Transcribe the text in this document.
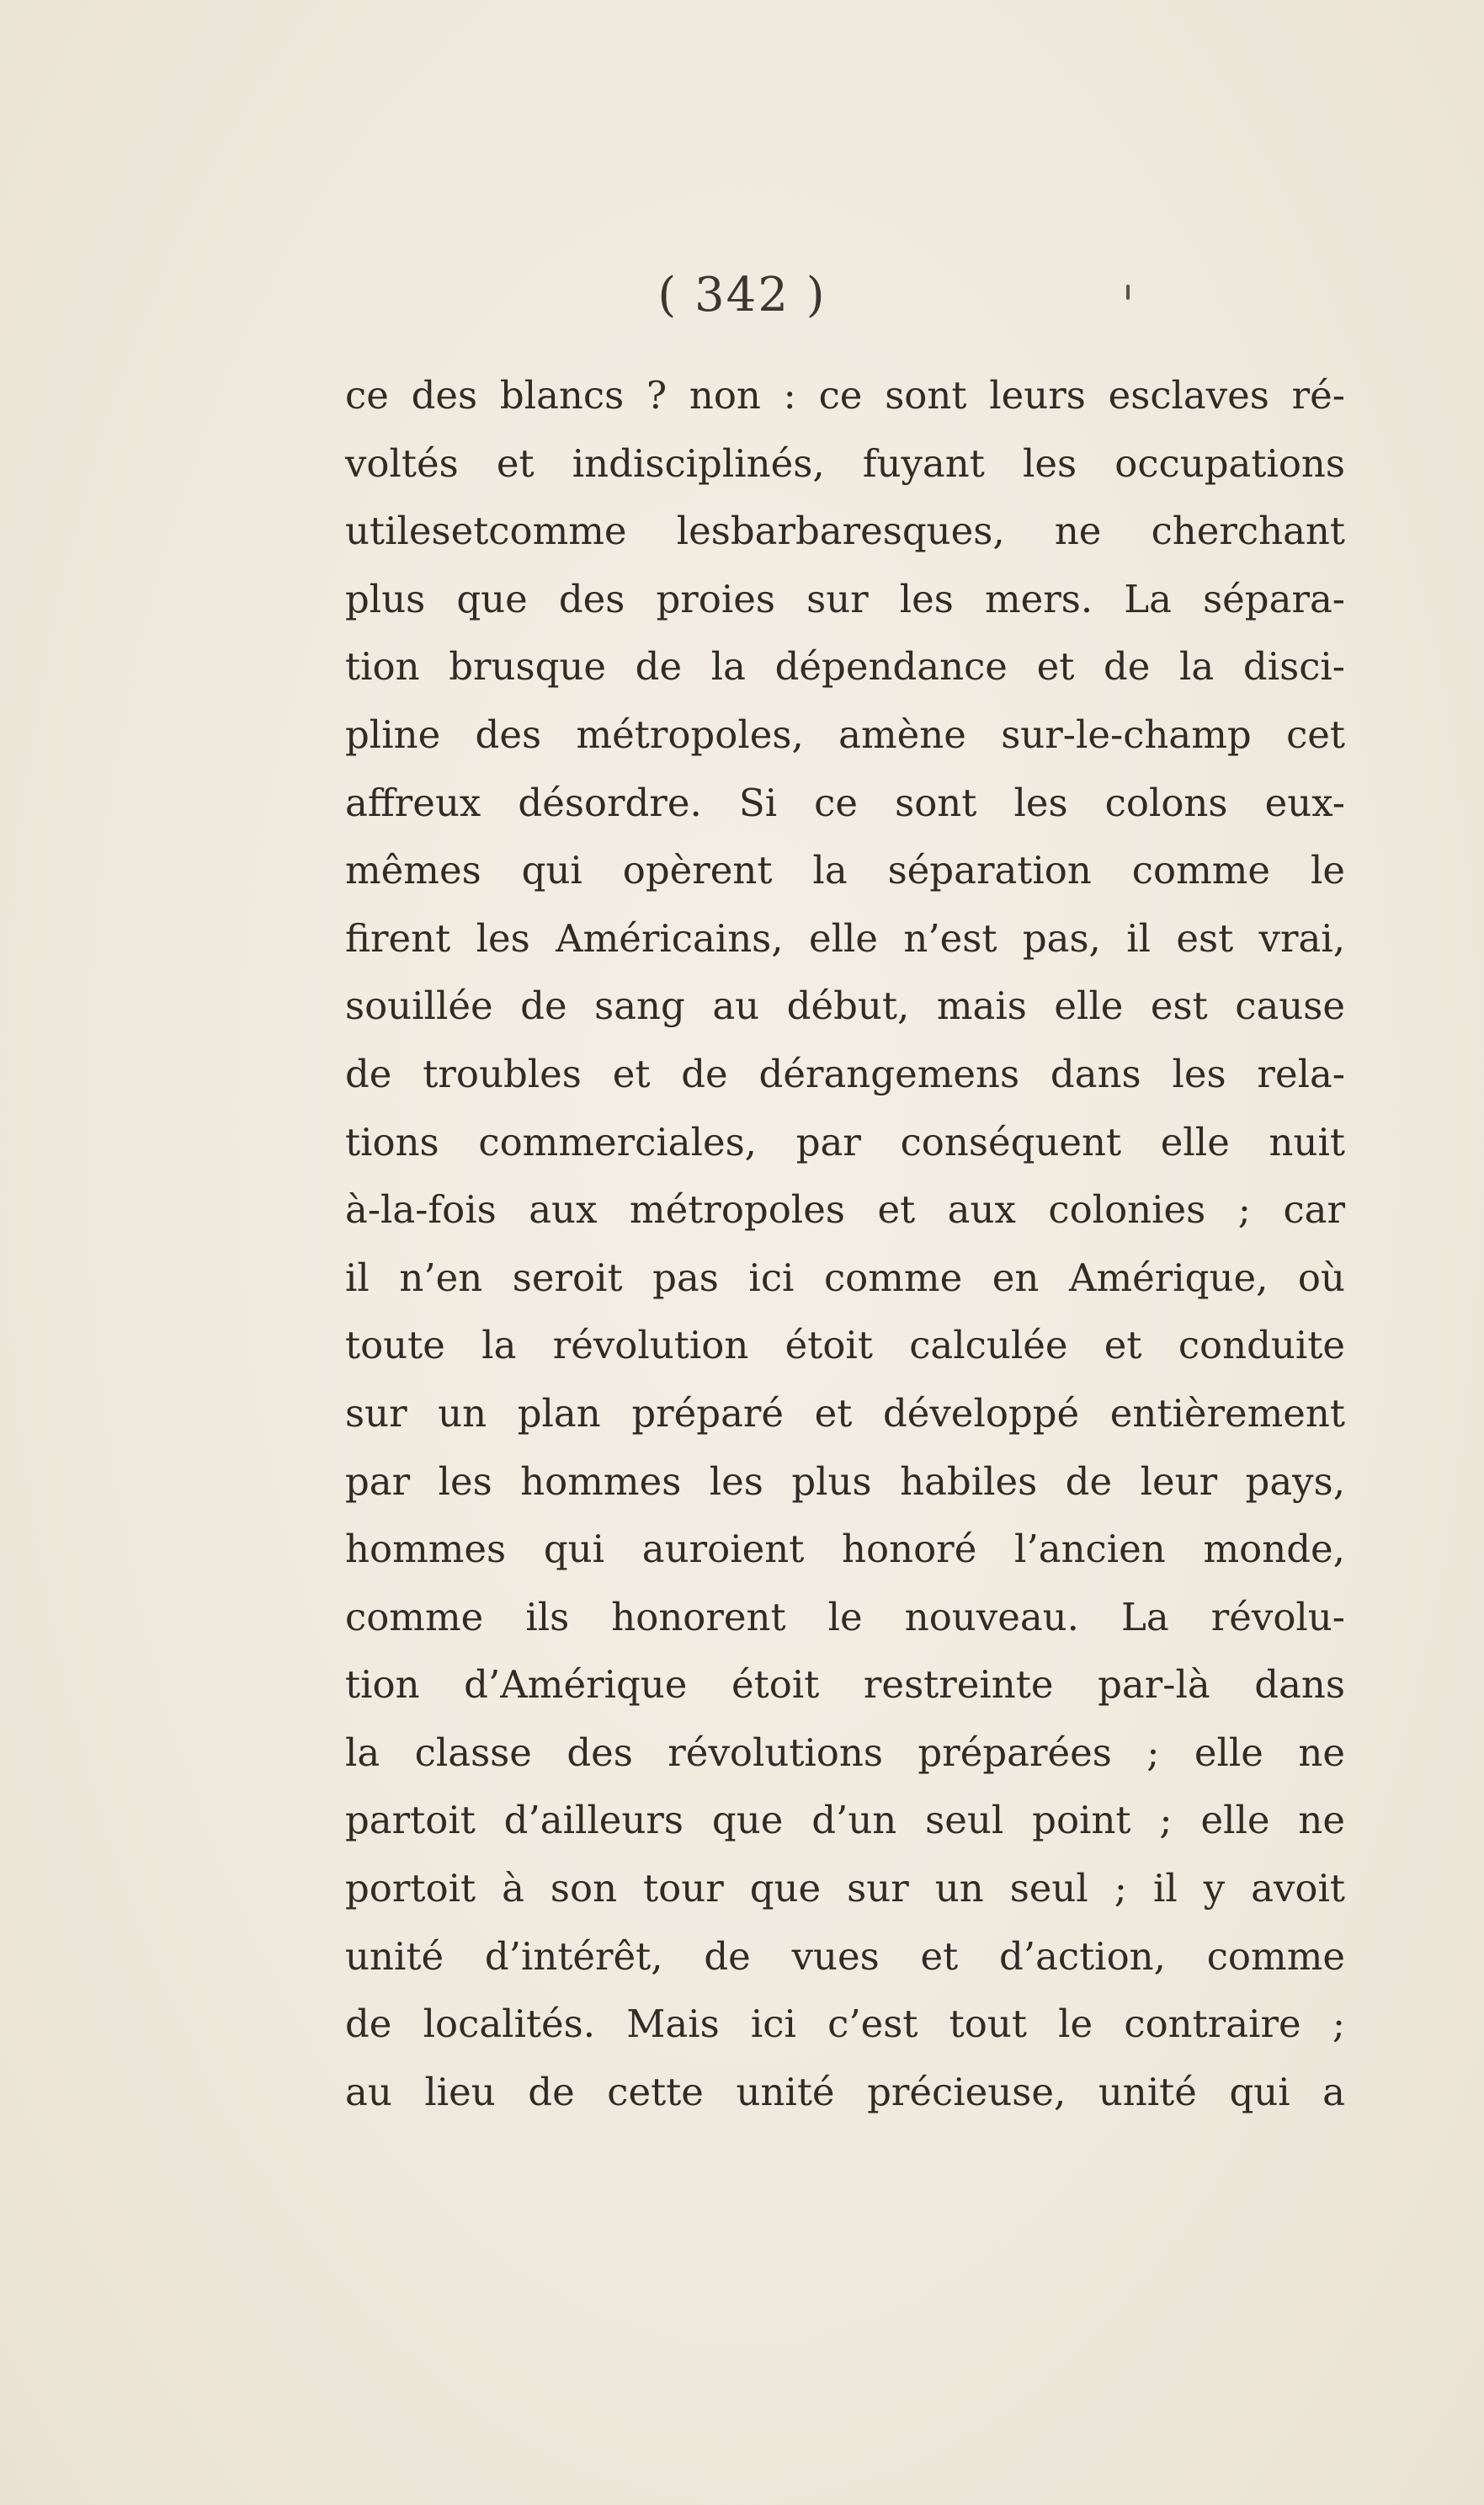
( 342 )
ce des blancs ? non : ce sont leurs esclaves ré-
voltés et indisciplinés, fuyant les occupations
utilesetcomme lesbarbaresques, ne cherchant
plus que des proies sur les mers. La sépara-
tion brusque de la dépendance et de la disci-
pline des métropoles, amène sur-le-champ cet
affreux désordre. Si ce sont les colons eux-
mêmes qui opèrent la séparation comme le
firent les Américains, elle n’est pas, il est vrai,
souillée de sang au début, mais elle est cause
de troubles et de dérangemens dans les rela-
tions commerciales, par conséquent elle nuit
à-la-fois aux métropoles et aux colonies ; car
il n’en seroit pas ici comme en Amérique, où
toute la révolution étoit calculée et conduite
sur un plan préparé et développé entièrement
par les hommes les plus habiles de leur pays,
hommes qui auroient honoré l’ancien monde,
comme ils honorent le nouveau. La révolu-
tion d’Amérique étoit restreinte par-là dans
la classe des révolutions préparées ; elle ne
partoit d’ailleurs que d’un seul point ; elle ne
portoit à son tour que sur un seul ; il y avoit
unité d’intérêt, de vues et d’action, comme
de localités. Mais ici c’est tout le contraire ;
au lieu de cette unité précieuse, unité qui a
